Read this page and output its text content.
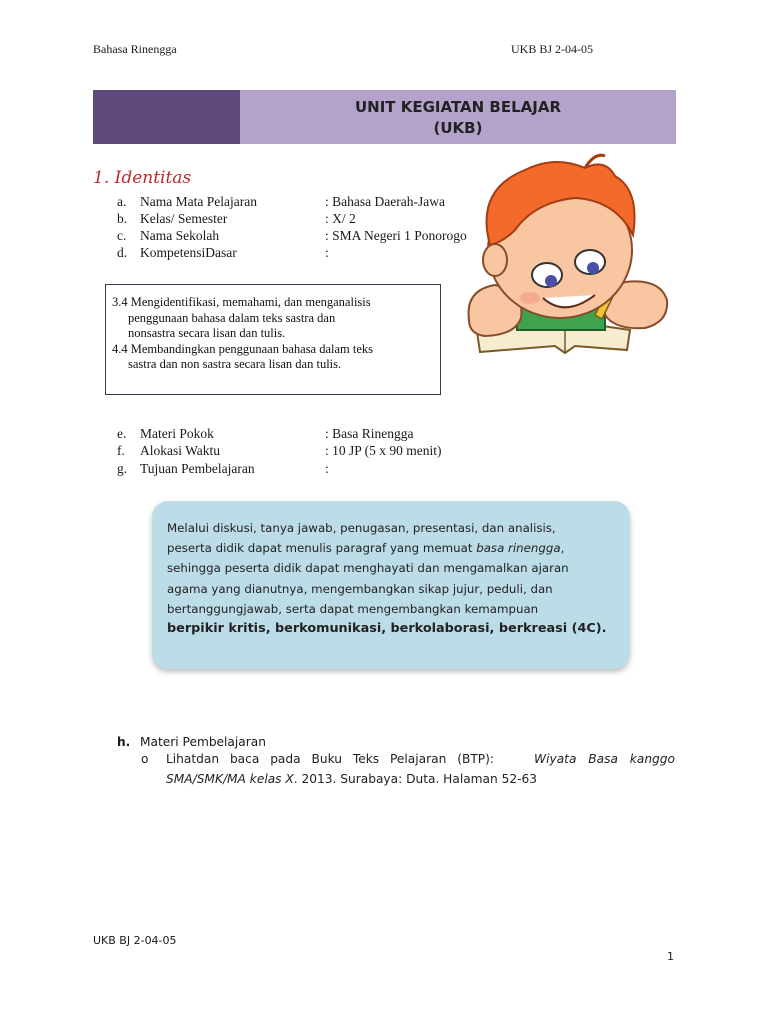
Bahasa Rinengga	UKB BJ 2-04-05
UNIT KEGIATAN BELAJAR
(UKB)
1. Identitas
a. Nama Mata Pelajaran	: Bahasa Daerah-Jawa
b. Kelas/ Semester	: X/ 2
c. Nama Sekolah	: SMA Negeri 1 Ponorogo
d. KompetensiDasar	:
3.4 Mengidentifikasi, memahami, dan menganalisis
penggunaan bahasa dalam teks sastra dan
nonsastra secara lisan dan tulis.
4.4 Membandingkan penggunaan bahasa dalam teks
sastra dan non sastra secara lisan dan tulis.
e. Materi Pokok	: Basa Rinengga
f. Alokasi Waktu	: 10 JP (5 x 90 menit)
g. Tujuan Pembelajaran	:
Melalui diskusi, tanya jawab, penugasan, presentasi, dan analisis,
peserta didik dapat menulis paragraf yang memuat basa rinengga,
sehingga peserta didik dapat menghayati dan mengamalkan ajaran
agama yang dianutnya, mengembangkan sikap jujur, peduli, dan
bertanggungjawab, serta dapat mengembangkan kemampuan
berpikir kritis, berkomunikasi, berkolaborasi, berkreasi (4C).
h. Materi Pembelajaran
o Lihatdan baca pada Buku Teks Pelajaran (BTP):	Wiyata Basa kanggo
SMA/SMK/MA kelas X. 2013. Surabaya: Duta. Halaman 52-63
UKB BJ 2-04-05
1
